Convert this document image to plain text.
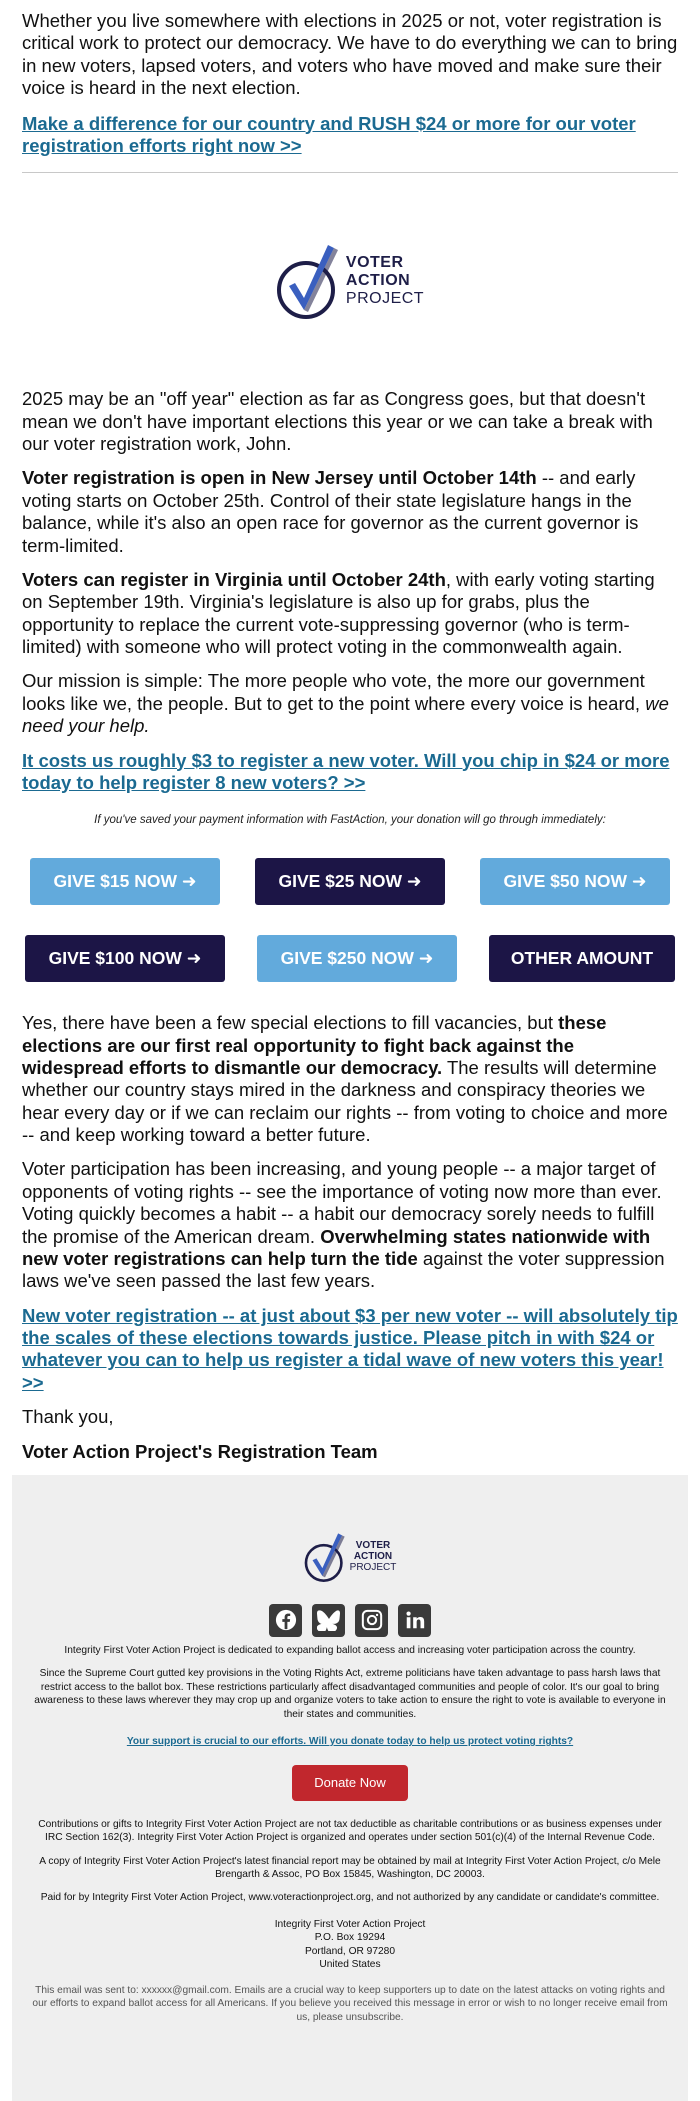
Whether you live somewhere with elections in 2025 or not, voter registration is critical work to protect our democracy. We have to do everything we can to bring in new voters, lapsed voters, and voters who have moved and make sure their voice is heard in the next election.

Make a difference for our country and RUSH $24 or more for our voter registration efforts right now >>

VOTER
ACTION
PROJECT

2025 may be an "off year" election as far as Congress goes, but that doesn't mean we don't have important elections this year or we can take a break with our voter registration work, John.

Voter registration is open in New Jersey until October 14th -- and early voting starts on October 25th. Control of their state legislature hangs in the balance, while it's also an open race for governor as the current governor is term-limited.

Voters can register in Virginia until October 24th, with early voting starting on September 19th. Virginia's legislature is also up for grabs, plus the opportunity to replace the current vote-suppressing governor (who is term-limited) with someone who will protect voting in the commonwealth again.

Our mission is simple: The more people who vote, the more our government looks like we, the people. But to get to the point where every voice is heard, we need your help.

It costs us roughly $3 to register a new voter. Will you chip in $24 or more today to help register 8 new voters? >>

If you've saved your payment information with FastAction, your donation will go through immediately:
GIVE $15 NOW ➜	GIVE $25 NOW ➜	GIVE $50 NOW ➜
GIVE $100 NOW ➜	GIVE $250 NOW ➜	OTHER AMOUNT

Yes, there have been a few special elections to fill vacancies, but these elections are our first real opportunity to fight back against the widespread efforts to dismantle our democracy. The results will determine whether our country stays mired in the darkness and conspiracy theories we hear every day or if we can reclaim our rights -- from voting to choice and more -- and keep working toward a better future.

Voter participation has been increasing, and young people -- a major target of opponents of voting rights -- see the importance of voting now more than ever. Voting quickly becomes a habit -- a habit our democracy sorely needs to fulfill the promise of the American dream. Overwhelming states nationwide with new voter registrations can help turn the tide against the voter suppression laws we've seen passed the last few years.

New voter registration -- at just about $3 per new voter -- will absolutely tip the scales of these elections towards justice. Please pitch in with $24 or whatever you can to help us register a tidal wave of new voters this year! >>

Thank you,

Voter Action Project's Registration Team

VOTER
ACTION
PROJECT

Integrity First Voter Action Project is dedicated to expanding ballot access and increasing voter participation across the country.

Since the Supreme Court gutted key provisions in the Voting Rights Act, extreme politicians have taken advantage to pass harsh laws that restrict access to the ballot box. These restrictions particularly affect disadvantaged communities and people of color. It's our goal to bring awareness to these laws wherever they may crop up and organize voters to take action to ensure the right to vote is available to everyone in their states and communities.

Your support is crucial to our efforts. Will you donate today to help us protect voting rights?

Donate Now

Contributions or gifts to Integrity First Voter Action Project are not tax deductible as charitable contributions or as business expenses under IRC Section 162(3). Integrity First Voter Action Project is organized and operates under section 501(c)(4) of the Internal Revenue Code.

A copy of Integrity First Voter Action Project's latest financial report may be obtained by mail at Integrity First Voter Action Project, c/o Mele Brengarth & Assoc, PO Box 15845, Washington, DC 20003.

Paid for by Integrity First Voter Action Project, www.voteractionproject.org, and not authorized by any candidate or candidate's committee.

Integrity First Voter Action Project
P.O. Box 19294
Portland, OR 97280
United States

This email was sent to: xxxxxx@gmail.com. Emails are a crucial way to keep supporters up to date on the latest attacks on voting rights and our efforts to expand ballot access for all Americans. If you believe you received this message in error or wish to no longer receive email from us, please unsubscribe.
